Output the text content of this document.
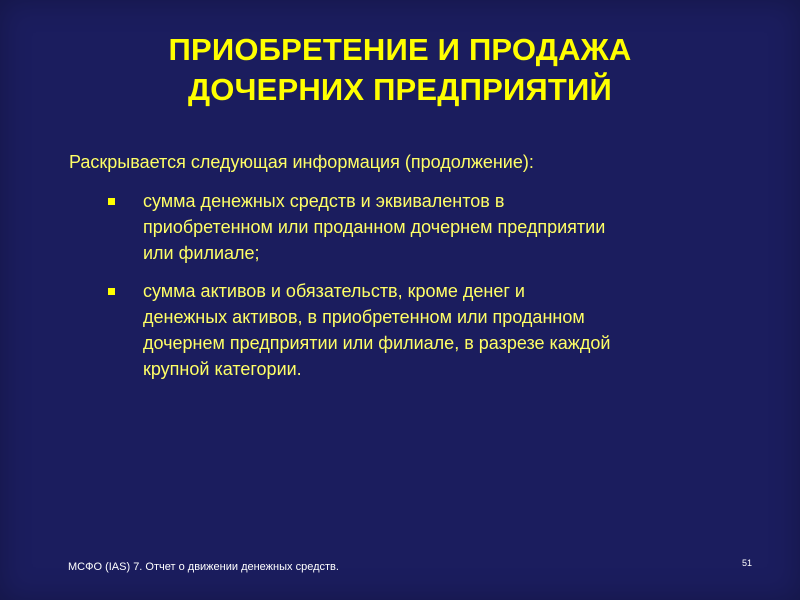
ПРИОБРЕТЕНИЕ И ПРОДАЖА
ДОЧЕРНИХ ПРЕДПРИЯТИЙ
Раскрывается следующая информация (продолжение):
сумма денежных средств и эквивалентов в
приобретенном или проданном дочернем предприятии
или филиале;
сумма активов и обязательств, кроме денег и
денежных активов, в приобретенном или проданном
дочернем предприятии или филиале, в разрезе каждой
крупной категории.
МСФО (IAS) 7. Отчет о движении денежных средств.	51
